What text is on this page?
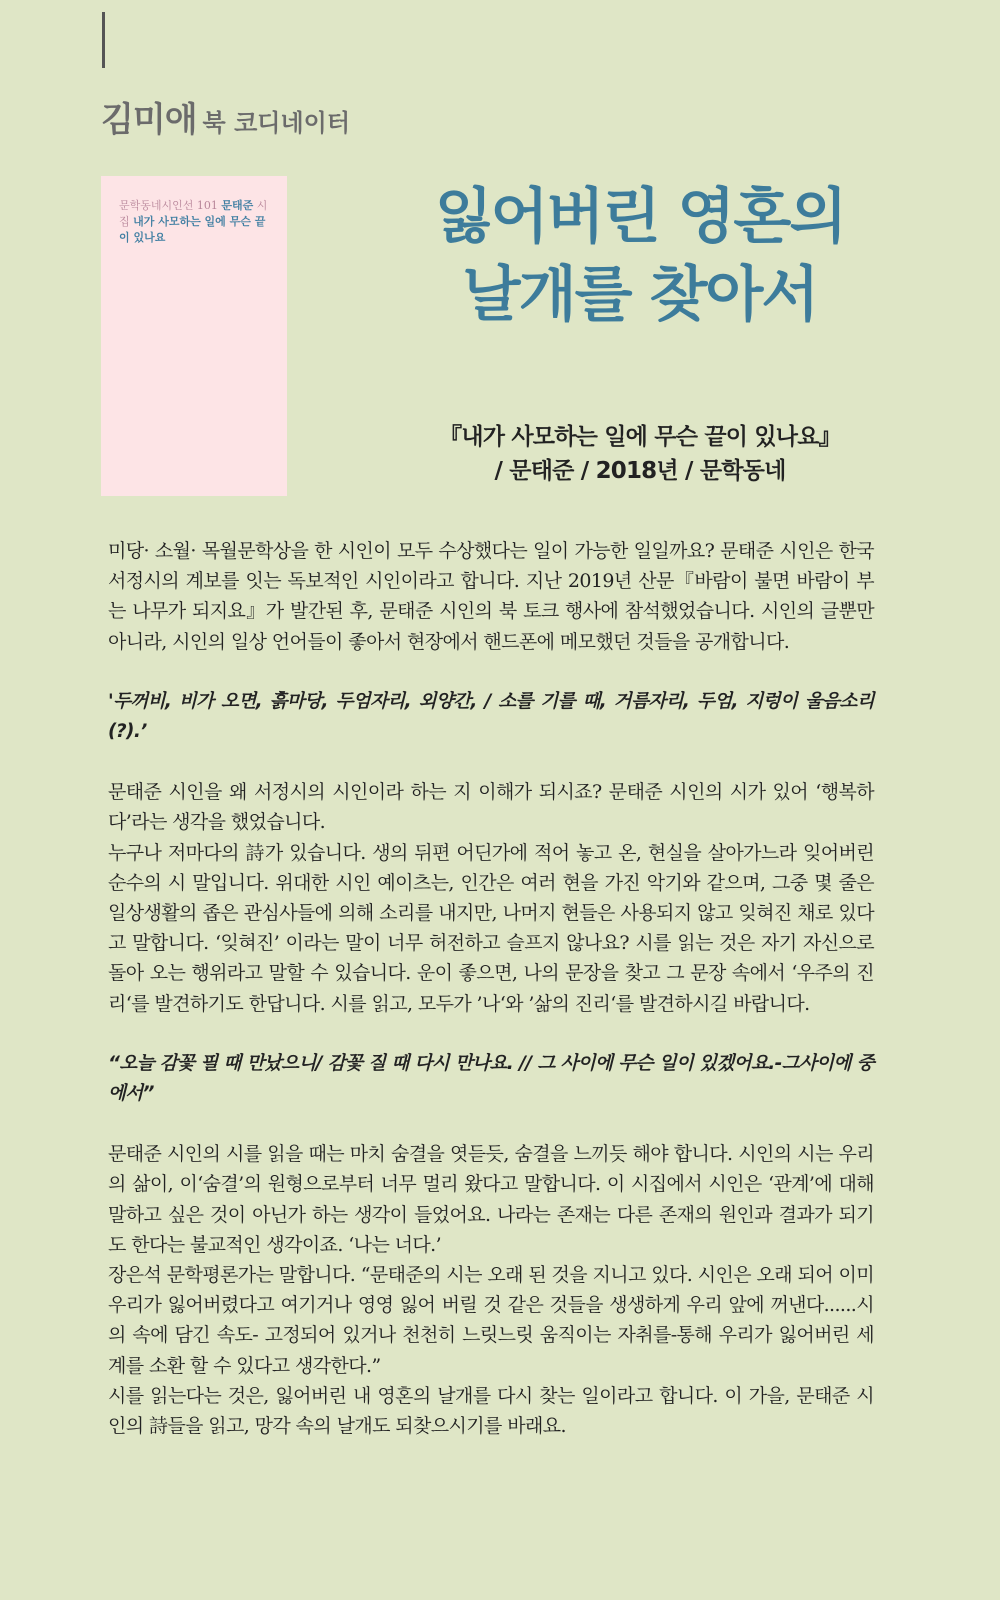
김미애 북 코디네이터
문학동네시인선 101 문태준 시집 내가 사모하는 일에 무슨 끝이 있나요	잃어버린 영혼의
날개를 찾아서
『내가 사모하는 일에 무슨 끝이 있나요』
/ 문태준 / 2018년 / 문학동네

미당· 소월· 목월문학상을 한 시인이 모두 수상했다는 일이 가능한 일일까요? 문태준 시인은 한국 서정시의 계보를 잇는 독보적인 시인이라고 합니다. 지난 2019년 산문『바람이 불면 바람이 부는 나무가 되지요』가 발간된 후, 문태준 시인의 북 토크 행사에 참석했었습니다. 시인의 글뿐만 아니라, 시인의 일상 언어들이 좋아서 현장에서 핸드폰에 메모했던 것들을 공개합니다.

'두꺼비, 비가 오면, 흙마당, 두엄자리, 외양간, / 소를 기를 때, 거름자리, 두엄, 지렁이 울음소리(?).’

문태준 시인을 왜 서정시의 시인이라 하는 지 이해가 되시죠? 문태준 시인의 시가 있어 ‘행복하다’라는 생각을 했었습니다.

누구나 저마다의 詩가 있습니다. 생의 뒤편 어딘가에 적어 놓고 온, 현실을 살아가느라 잊어버린 순수의 시 말입니다. 위대한 시인 예이츠는, 인간은 여러 현을 가진 악기와 같으며, 그중 몇 줄은 일상생활의 좁은 관심사들에 의해 소리를 내지만, 나머지 현들은 사용되지 않고 잊혀진 채로 있다고 말합니다. ‘잊혀진’ 이라는 말이 너무 허전하고 슬프지 않나요? 시를 읽는 것은 자기 자신으로 돌아 오는 행위라고 말할 수 있습니다. 운이 좋으면, 나의 문장을 찾고 그 문장 속에서 ‘우주의 진리‘를 발견하기도 한답니다. 시를 읽고, 모두가 ’나‘와 ’삶의 진리‘를 발견하시길 바랍니다.

“오늘 감꽃 필 때 만났으니/ 감꽃 질 때 다시 만나요. // 그 사이에 무슨 일이 있겠어요.-그사이에 중에서”

문태준 시인의 시를 읽을 때는 마치 숨결을 엿듣듯, 숨결을 느끼듯 해야 합니다. 시인의 시는 우리의 삶이, 이‘숨결’의 원형으로부터 너무 멀리 왔다고 말합니다. 이 시집에서 시인은 ‘관계’에 대해 말하고 싶은 것이 아닌가 하는 생각이 들었어요. 나라는 존재는 다른 존재의 원인과 결과가 되기도 한다는 불교적인 생각이죠. ‘나는 너다.’

장은석 문학평론가는 말합니다. “문태준의 시는 오래 된 것을 지니고 있다. 시인은 오래 되어 이미 우리가 잃어버렸다고 여기거나 영영 잃어 버릴 것 같은 것들을 생생하게 우리 앞에 꺼낸다......시의 속에 담긴 속도- 고정되어 있거나 천천히 느릿느릿 움직이는 자취를-통해 우리가 잃어버린 세계를 소환 할 수 있다고 생각한다.”

시를 읽는다는 것은, 잃어버린 내 영혼의 날개를 다시 찾는 일이라고 합니다. 이 가을, 문태준 시인의 詩들을 읽고, 망각 속의 날개도 되찾으시기를 바래요.
